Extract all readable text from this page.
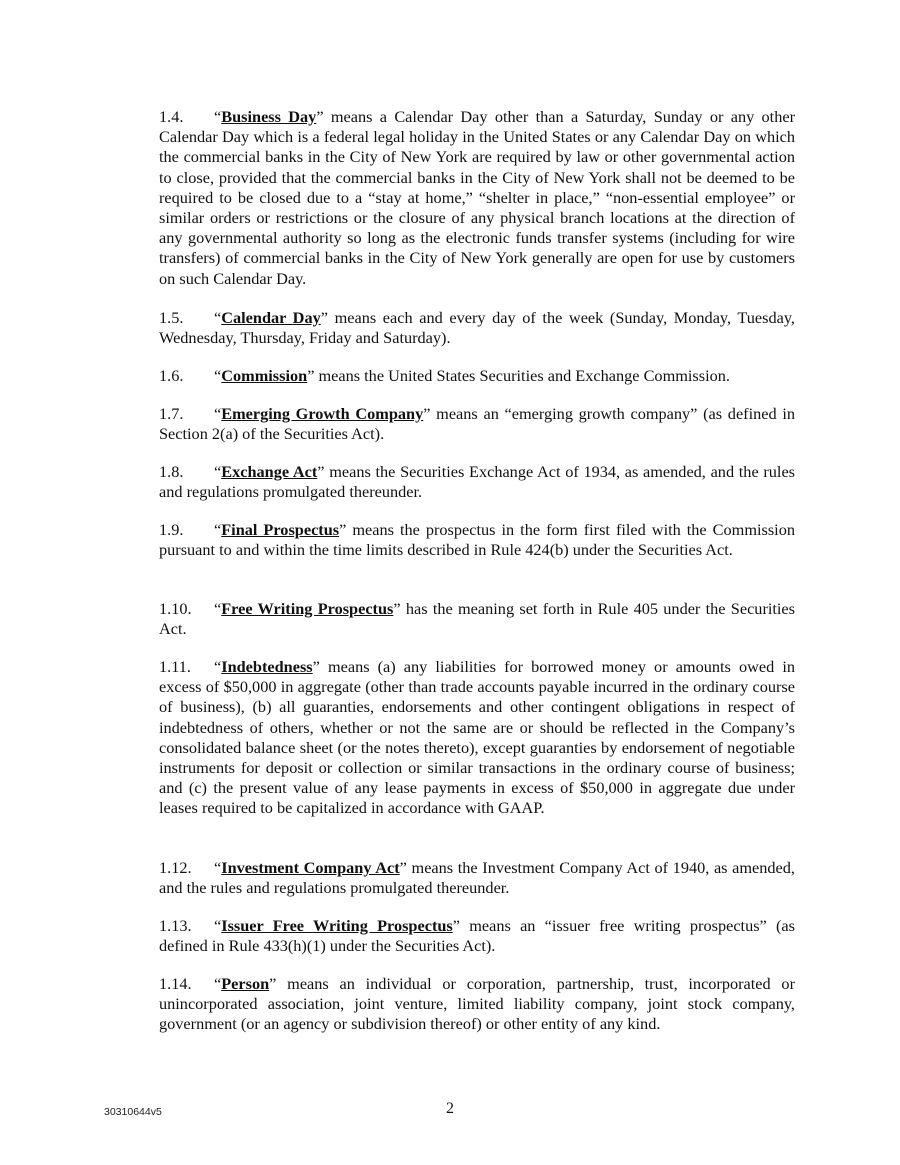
1.4. “Business Day” means a Calendar Day other than a Saturday, Sunday or any other Calendar Day which is a federal legal holiday in the United States or any Calendar Day on which the commercial banks in the City of New York are required by law or other governmental action to close, provided that the commercial banks in the City of New York shall not be deemed to be required to be closed due to a “stay at home,” “shelter in place,” “non-essential employee” or similar orders or restrictions or the closure of any physical branch locations at the direction of any governmental authority so long as the electronic funds transfer systems (including for wire transfers) of commercial banks in the City of New York generally are open for use by customers on such Calendar Day.

1.5. “Calendar Day” means each and every day of the week (Sunday, Monday, Tuesday, Wednesday, Thursday, Friday and Saturday).

1.6. “Commission” means the United States Securities and Exchange Commission.

1.7. “Emerging Growth Company” means an “emerging growth company” (as defined in Section 2(a) of the Securities Act).

1.8. “Exchange Act” means the Securities Exchange Act of 1934, as amended, and the rules and regulations promulgated thereunder.

1.9. “Final Prospectus” means the prospectus in the form first filed with the Commission pursuant to and within the time limits described in Rule 424(b) under the Securities Act.

1.10. “Free Writing Prospectus” has the meaning set forth in Rule 405 under the Securities Act.

1.11. “Indebtedness” means (a) any liabilities for borrowed money or amounts owed in excess of $50,000 in aggregate (other than trade accounts payable incurred in the ordinary course of business), (b) all guaranties, endorsements and other contingent obligations in respect of indebtedness of others, whether or not the same are or should be reflected in the Company’s consolidated balance sheet (or the notes thereto), except guaranties by endorsement of negotiable instruments for deposit or collection or similar transactions in the ordinary course of business; and (c) the present value of any lease payments in excess of $50,000 in aggregate due under leases required to be capitalized in accordance with GAAP.

1.12. “Investment Company Act” means the Investment Company Act of 1940, as amended, and the rules and regulations promulgated thereunder.

1.13. “Issuer Free Writing Prospectus” means an “issuer free writing prospectus” (as defined in Rule 433(h)(1) under the Securities Act).

1.14. “Person” means an individual or corporation, partnership, trust, incorporated or unincorporated association, joint venture, limited liability company, joint stock company, government (or an agency or subdivision thereof) or other entity of any kind.

30310644v5	2
